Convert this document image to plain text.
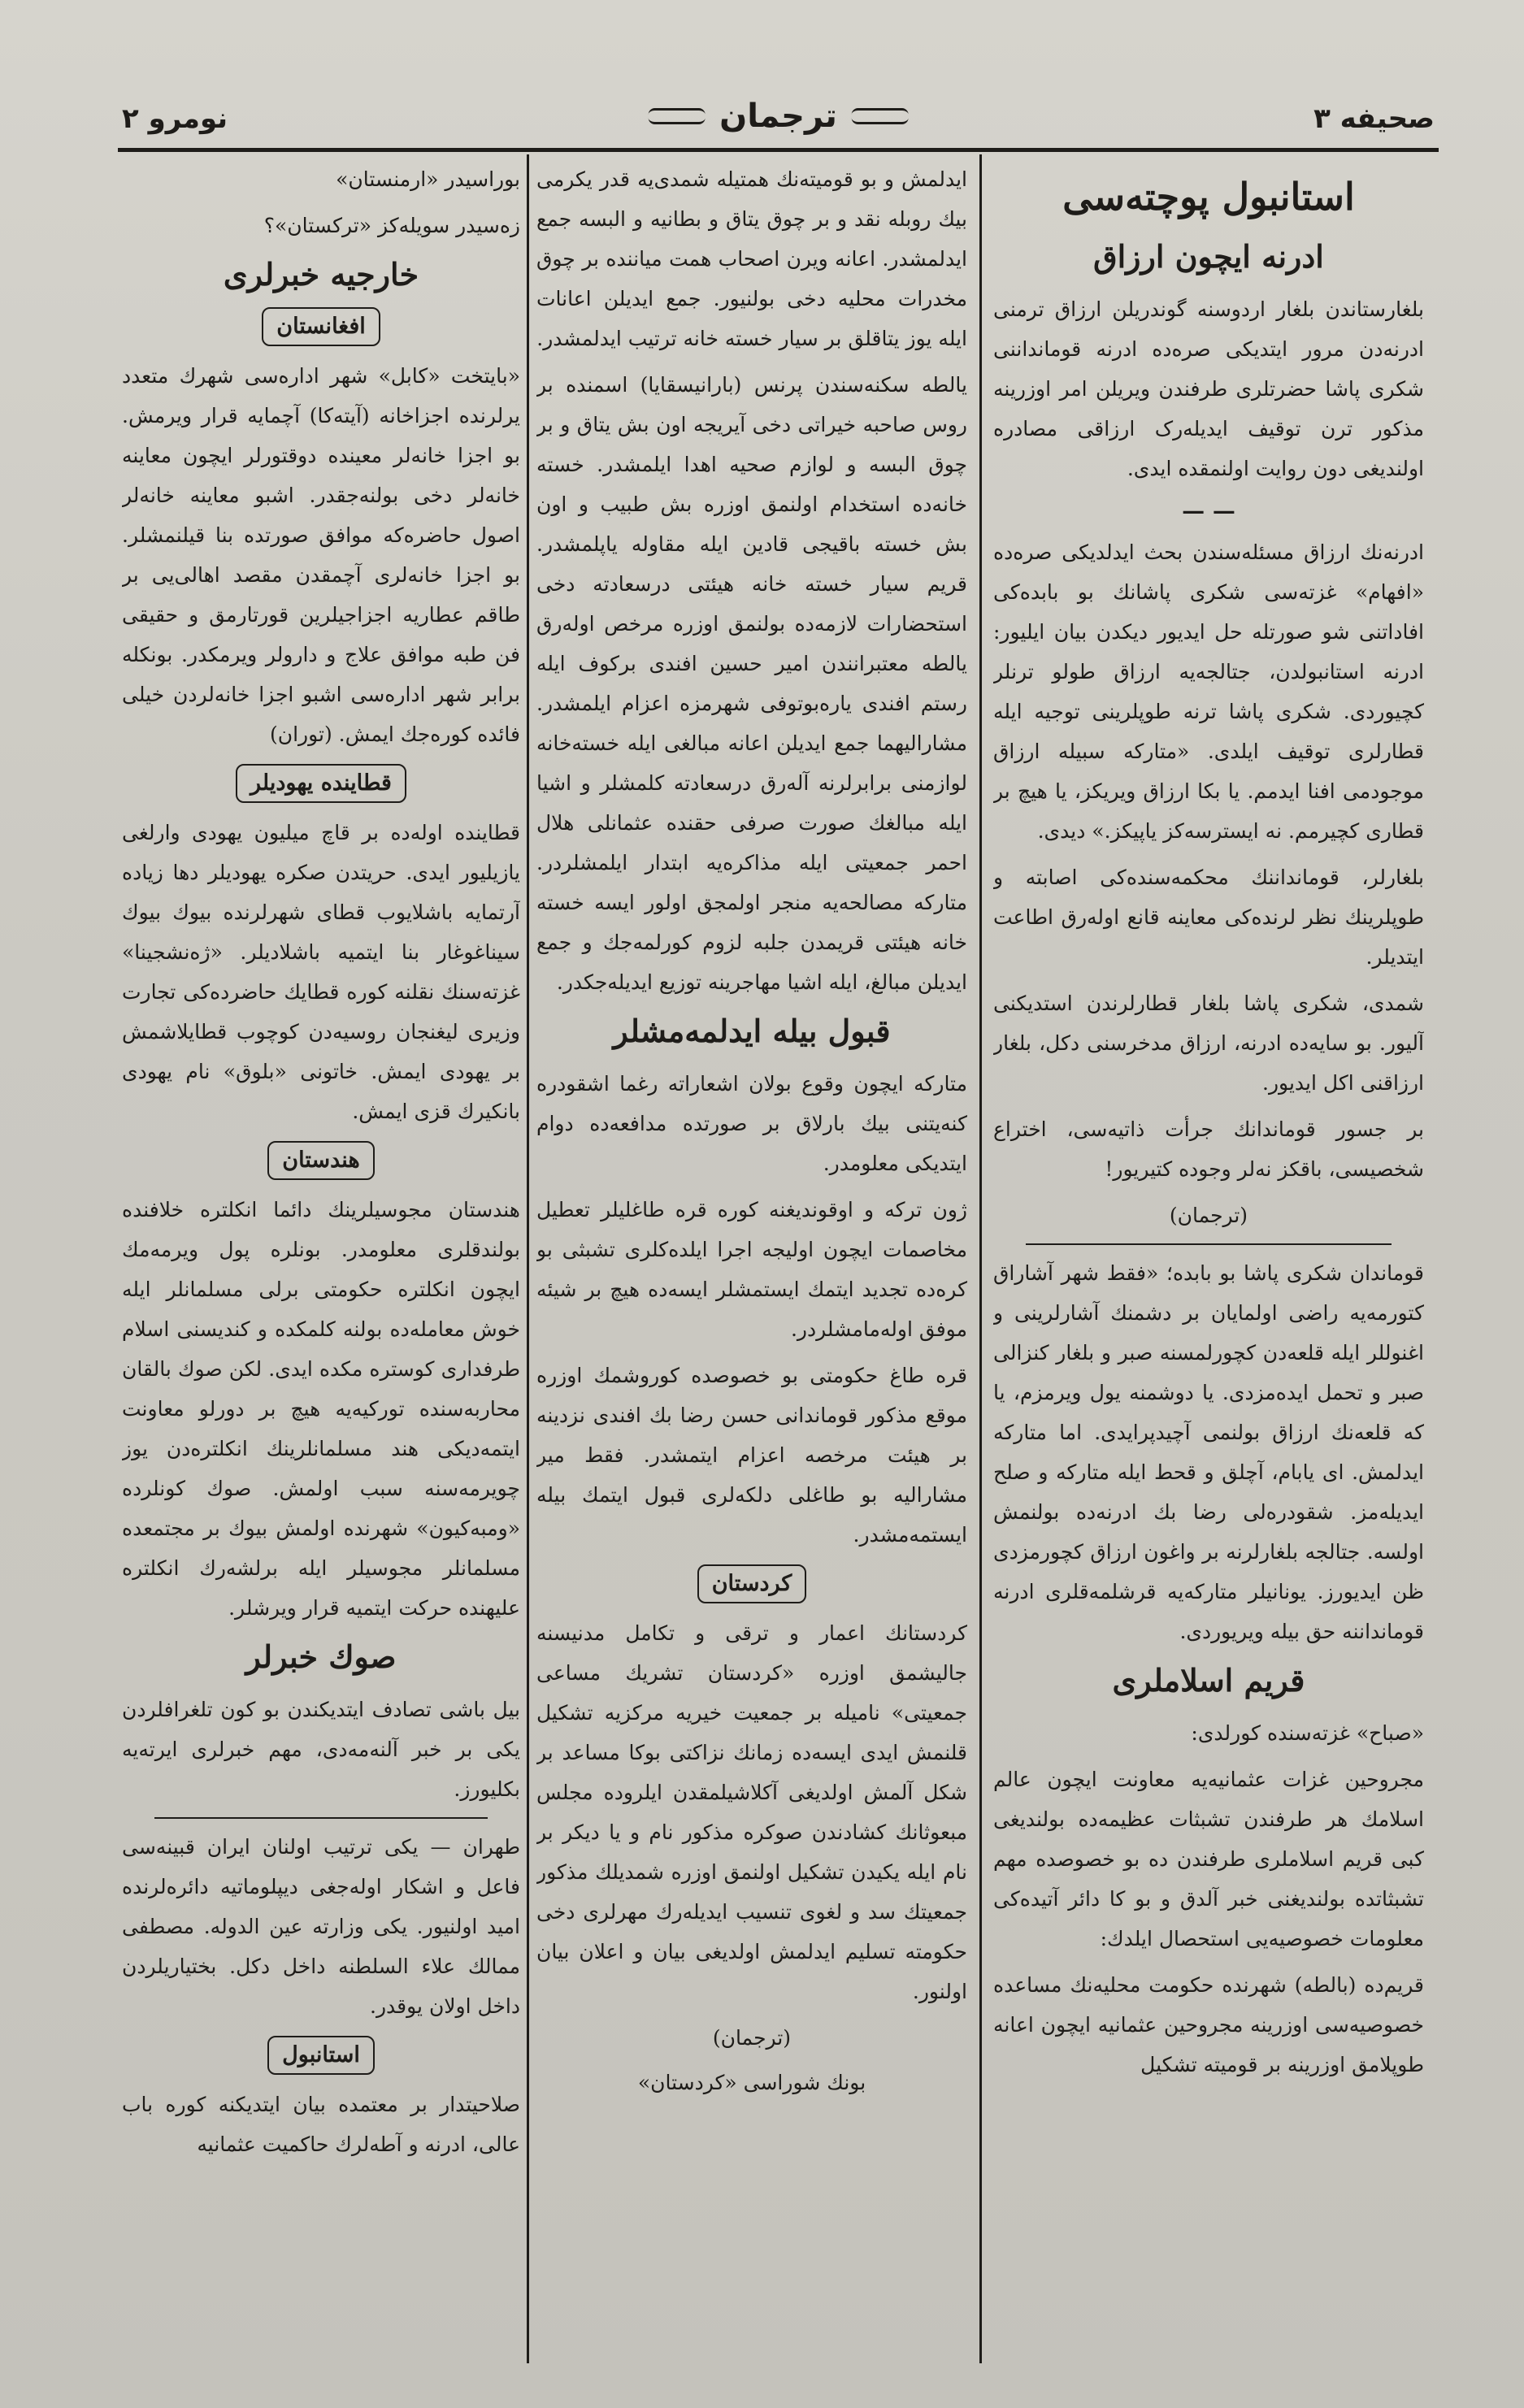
صحیفه ۳
ترجمان
نومرو ۲
استانبول پوچته‌سی
ادرنه ایچون ارزاق

بلغارستاندن بلغار اردوسنه گوندریلن ارزاق ترمنی ادرنه‌دن مرور ایتدیکی صره‌ده ادرنه قومانداننی شکری پاشا حضرتلری طرفندن ویریلن امر اوزرینه مذکور ترن توقیف ایدیله‌رک ارزاقی مصادره اولندیغی دون روایت اولنمقده ایدی.

— —

ادرنه‌نك ارزاق مسئله‌سندن بحث ایدلدیکی صره‌ده «افهام» غزته‌سی شکری پاشانك بو بابده‌کی افاداتنی شو صورتله حل ایدیور دیکدن بیان ایلیور: ادرنه استانبولدن، جتالجه‌یه ارزاق طولو ترنلر کچیوردی. شکری پاشا ترنه طوپلرینی توجیه ایله قطارلری توقیف ایلدی. «متارکه سبیله ارزاق موجودمی افنا ایدمم. یا بکا ارزاق ویریکز، یا هیچ بر قطاری کچیرمم. نه ایسترسه‌کز یاپیکز.» دیدی.

بلغارلر، قومانداننك محکمه‌سنده‌کی اصابته و طوپلرینك نظر لرنده‌کی معاینه قانع اوله‌رق اطاعت ایتدیلر.

شمدی، شکری پاشا بلغار قطارلرندن استدیکنی آلیور. بو سایه‌ده ادرنه، ارزاق مدخرسنی دکل، بلغار ارزاقنی اکل ایدیور.

بر جسور قوماندانك جرأت ذاتیه‌سی، اختراع شخصیسی، باقکز نه‌لر وجوده کتیریور!

(ترجمان)

قوماندان شکری پاشا بو بابده؛ «فقط شهر آشاراق کتورمه‌یه راضی اولمایان بر دشمنك آشارلرینی و اغنوللر ایله قلعه‌دن کچورلمسنه صبر و بلغار کنزالی صبر و تحمل ایده‌مزدی. یا دوشمنه یول ویرمزم، یا که قلعه‌نك ارزاق بولنمی آچیدپرایدی. اما متارکه ایدلمش. ای یابام، آچلق و قحط ایله متارکه و صلح ایدیله‌مز. شقودره‌لی رضا بك ادرنه‌ده بولنمش اولسه. جتالجه بلغارلرنه بر واغون ارزاق کچورمزدی ظن ایدیورز. یونانیلر متارکه‌یه قرشلمه‌قلری ادرنه قومانداننه حق بیله ویریوردی.

قریم اسلاملری

«صباح» غزته‌سنده کورلدی:

مجروحین غزات عثمانیه‌یه معاونت ایچون عالم اسلامك هر طرفندن تشبثات عظیمه‌ده بولندیغی کبی قریم اسلاملری طرفندن ده بو خصوصده مهم تشبثاتده بولندیغنی خبر آلدق و بو کا دائر آتیده‌کی معلومات خصوصیه‌یی استحصال ایلدك:

قریم‌ده (بالطه) شهرنده حکومت محلیه‌نك مساعده خصوصیه‌سی اوزرینه مجروحین عثمانیه ایچون اعانه طوپلامق اوزرینه بر قومیته تشکیل

ایدلمش و بو قومیته‌نك همتیله شمدی‌یه قدر یکرمی بیك روبله نقد و بر چوق یتاق و بطانیه و البسه جمع ایدلمشدر. اعانه ویرن اصحاب همت میاننده بر چوق مخدرات محلیه دخی بولنیور. جمع ایدیلن اعانات ایله یوز یتاقلق بر سیار خسته خانه ترتیب ایدلمشدر.

یالطه سکنه‌سندن پرنس (بارانیسقایا) اسمنده بر روس صاحبه خیراتی دخی آیریجه اون بش یتاق و بر چوق البسه و لوازم صحیه اهدا ایلمشدر. خسته خانه‌ده استخدام اولنمق اوزره بش طبیب و اون بش خسته باقیجی قادین ایله مقاوله یاپلمشدر. قریم سیار خسته خانه هیئتی درسعادته دخی استحضارات لازمه‌ده بولنمق اوزره مرخص اوله‌رق یالطه معتبرانندن امیر حسین افندی برکوف ایله رستم افندی یاره‌بوتوفی شهرمزه اعزام ایلمشدر. مشارالیهما جمع ایدیلن اعانه مبالغی ایله خسته‌خانه لوازمنی برابرلرنه آله‌رق درسعادته کلمشلر و اشیا ایله مبالغك صورت صرفی حقنده عثمانلی هلال احمر جمعیتی ایله مذاکره‌یه ابتدار ایلمشلردر. متارکه مصالحه‌یه منجر اولمجق اولور ایسه خسته خانه هیئتی قریمدن جلبه لزوم کورلمه‌جك و جمع ایدیلن مبالغ، ایله اشیا مهاجرینه توزیع ایدیله‌جکدر.

قبول بیله ایدلمه‌مشلر

متارکه ایچون وقوع بولان اشعاراته رغما اشقودره کنه‌یتنی بیك بارلاق بر صورتده مدافعه‌ده دوام ایتدیکی معلومدر.

ژون ترکه و اوقوندیغنه کوره قره طاغلیلر تعطیل مخاصمات ایچون اولیجه اجرا ایلده‌کلری تشبثی بو کره‌ده تجدید ایتمك ایستمشلر ایسه‌ده هیچ بر شیئه موفق اوله‌مامشلردر.

قره طاغ حکومتی بو خصوصده کوروشمك اوزره موقع مذکور قوماندانی حسن رضا بك افندی نزدینه بر هیئت مرخصه اعزام ایتمشدر. فقط میر مشارالیه بو طاغلی دلکه‌لری قبول ایتمك بیله ایستمه‌مشدر.

کردستان

کردستانك اعمار و ترقی و تکامل مدنیسنه جالیشمق اوزره «کردستان تشریك مساعی جمعیتی» نامیله بر جمعیت خیریه مرکزیه تشکیل قلنمش ایدی ایسه‌ده زمانك نزاکتی بوکا مساعد بر شکل آلمش اولدیغی آکلاشیلمقدن ایلروده مجلس مبعوثانك کشادندن صوکره مذکور نام و یا دیکر بر نام ایله یکیدن تشکیل اولنمق اوزره شمدیلك مذکور جمعیتك سد و لغوی تنسیب ایدیله‌رك مهرلری دخی حکومته تسلیم ایدلمش اولدیغی بیان و اعلان بیان اولنور.

(ترجمان)
بونك شوراسی «کردستان»

بوراسیدر «ارمنستان»

زه‌سیدر سویله‌کز «ترکستان»؟

خارجیه خبرلری
افغانستان

«بایتخت «کابل» شهر اداره‌سی شهرك متعدد یرلرنده اجزاخانه (آیته‌کا) آچمایه قرار ویرمش. بو اجزا خانه‌لر معینده دوقتورلر ایچون معاینه خانه‌لر دخی بولنه‌جقدر. اشبو معاینه خانه‌لر اصول حاضره‌که موافق صورتده بنا قیلنمشلر. بو اجزا خانه‌لری آچمقدن مقصد اهالی‌یی بر طاقم عطاریه اجزاجیلرین قورتارمق و حقیقی فن طبه موافق علاج و دارولر ویرمکدر. بونکله برابر شهر اداره‌سی اشبو اجزا خانه‌لردن خیلی فائده کوره‌جك ایمش. (توران)

قطاینده یهودیلر

قطاینده اوله‌ده بر قاچ میلیون یهودی وارلغی یازیلیور ایدی. حریتدن صکره یهودیلر دها زیاده آرتمایه باشلایوب قطای شهرلرنده بیوك بیوك سیناغوغار بنا ایتمیه باشلادیلر. «ژه‌نشجینا» غزته‌سنك نقلنه کوره قطایك حاضرده‌کی تجارت وزیری لیغنجان روسیه‌دن کوچوب قطایلاشمش بر یهودی ایمش. خاتونی «بلوق» نام یهودی بانکیرك قزی ایمش.

هندستان

هندستان مجوسیلرینك دائما انکلتره خلافنده بولندقلری معلومدر. بونلره پول ویرمه‌مك ایچون انکلتره حکومتی برلی مسلمانلر ایله خوش معامله‌ده بولنه کلمکده و کندیسنی اسلام طرفداری کوستره مکده ایدی. لکن صوك بالقان محاربه‌سنده توركیه‌یه هیچ بر دورلو معاونت ایتمه‌دیکی هند مسلمانلرینك انکلتره‌دن یوز چویرمه‌سنه سبب اولمش. صوك کونلرده «ومبه‌کیون» شهرنده اولمش بیوك بر مجتمعده مسلمانلر مجوسیلر ایله برلشه‌رك انکلتره علیهنده حرکت ایتمیه قرار ویرشلر.

صوك خبرلر

بیل باشی تصادف ایتدیکندن بو کون تلغرافلردن یکی بر خبر آلنه‌مه‌دی، مهم خبرلری ایرته‌یه بکلیورز.

طهران — یکی ترتیب اولنان ایران قبینه‌سی فاعل و اشکار اوله‌جغی دیپلوماتیه دائره‌لرنده امید اولنیور. یکی وزارته عین الدوله. مصطفی ممالك علاء السلطنه داخل دکل. بختیاریلردن داخل اولان یوقدر.

استانبول

صلاحیتدار بر معتمده بیان ایتدیکنه کوره باب عالی، ادرنه و آطه‌لرك حاکمیت عثمانیه
